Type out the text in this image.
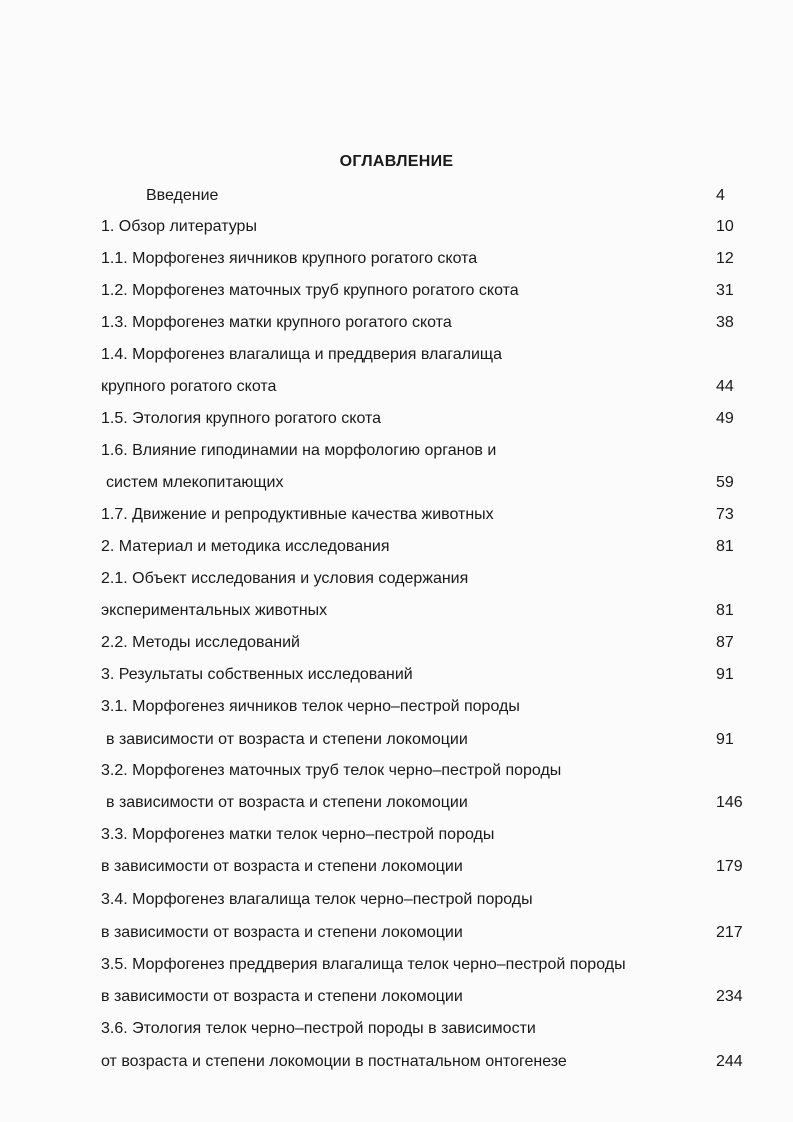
ОГЛАВЛЕНИЕ
Введение	4
1. Обзор литературы	10
1.1. Морфогенез яичников крупного рогатого скота	12
1.2. Морфогенез маточных труб крупного рогатого скота	31
1.3. Морфогенез матки крупного рогатого скота	38
1.4. Морфогенез влагалища и преддверия влагалища
крупного рогатого скота	44
1.5. Этология крупного рогатого скота	49
1.6. Влияние гиподинамии на морфологию органов и
систем млекопитающих	59
1.7. Движение и репродуктивные качества животных	73
2. Материал и методика исследования	81
2.1. Объект исследования и условия содержания
экспериментальных животных	81
2.2. Методы исследований	87
3. Результаты собственных исследований	91
3.1. Морфогенез яичников телок черно–пестрой породы
в зависимости от возраста и степени локомоции	91
3.2. Морфогенез маточных труб телок черно–пестрой породы
в зависимости от возраста и степени локомоции	146
3.3. Морфогенез матки телок черно–пестрой породы
в зависимости от возраста и степени локомоции	179
3.4. Морфогенез влагалища телок черно–пестрой породы
в зависимости от возраста и степени локомоции	217
3.5. Морфогенез преддверия влагалища телок черно–пестрой породы
в зависимости от возраста и степени локомоции	234
3.6. Этология телок черно–пестрой породы в зависимости
от возраста и степени локомоции в постнатальном онтогенезе	244
